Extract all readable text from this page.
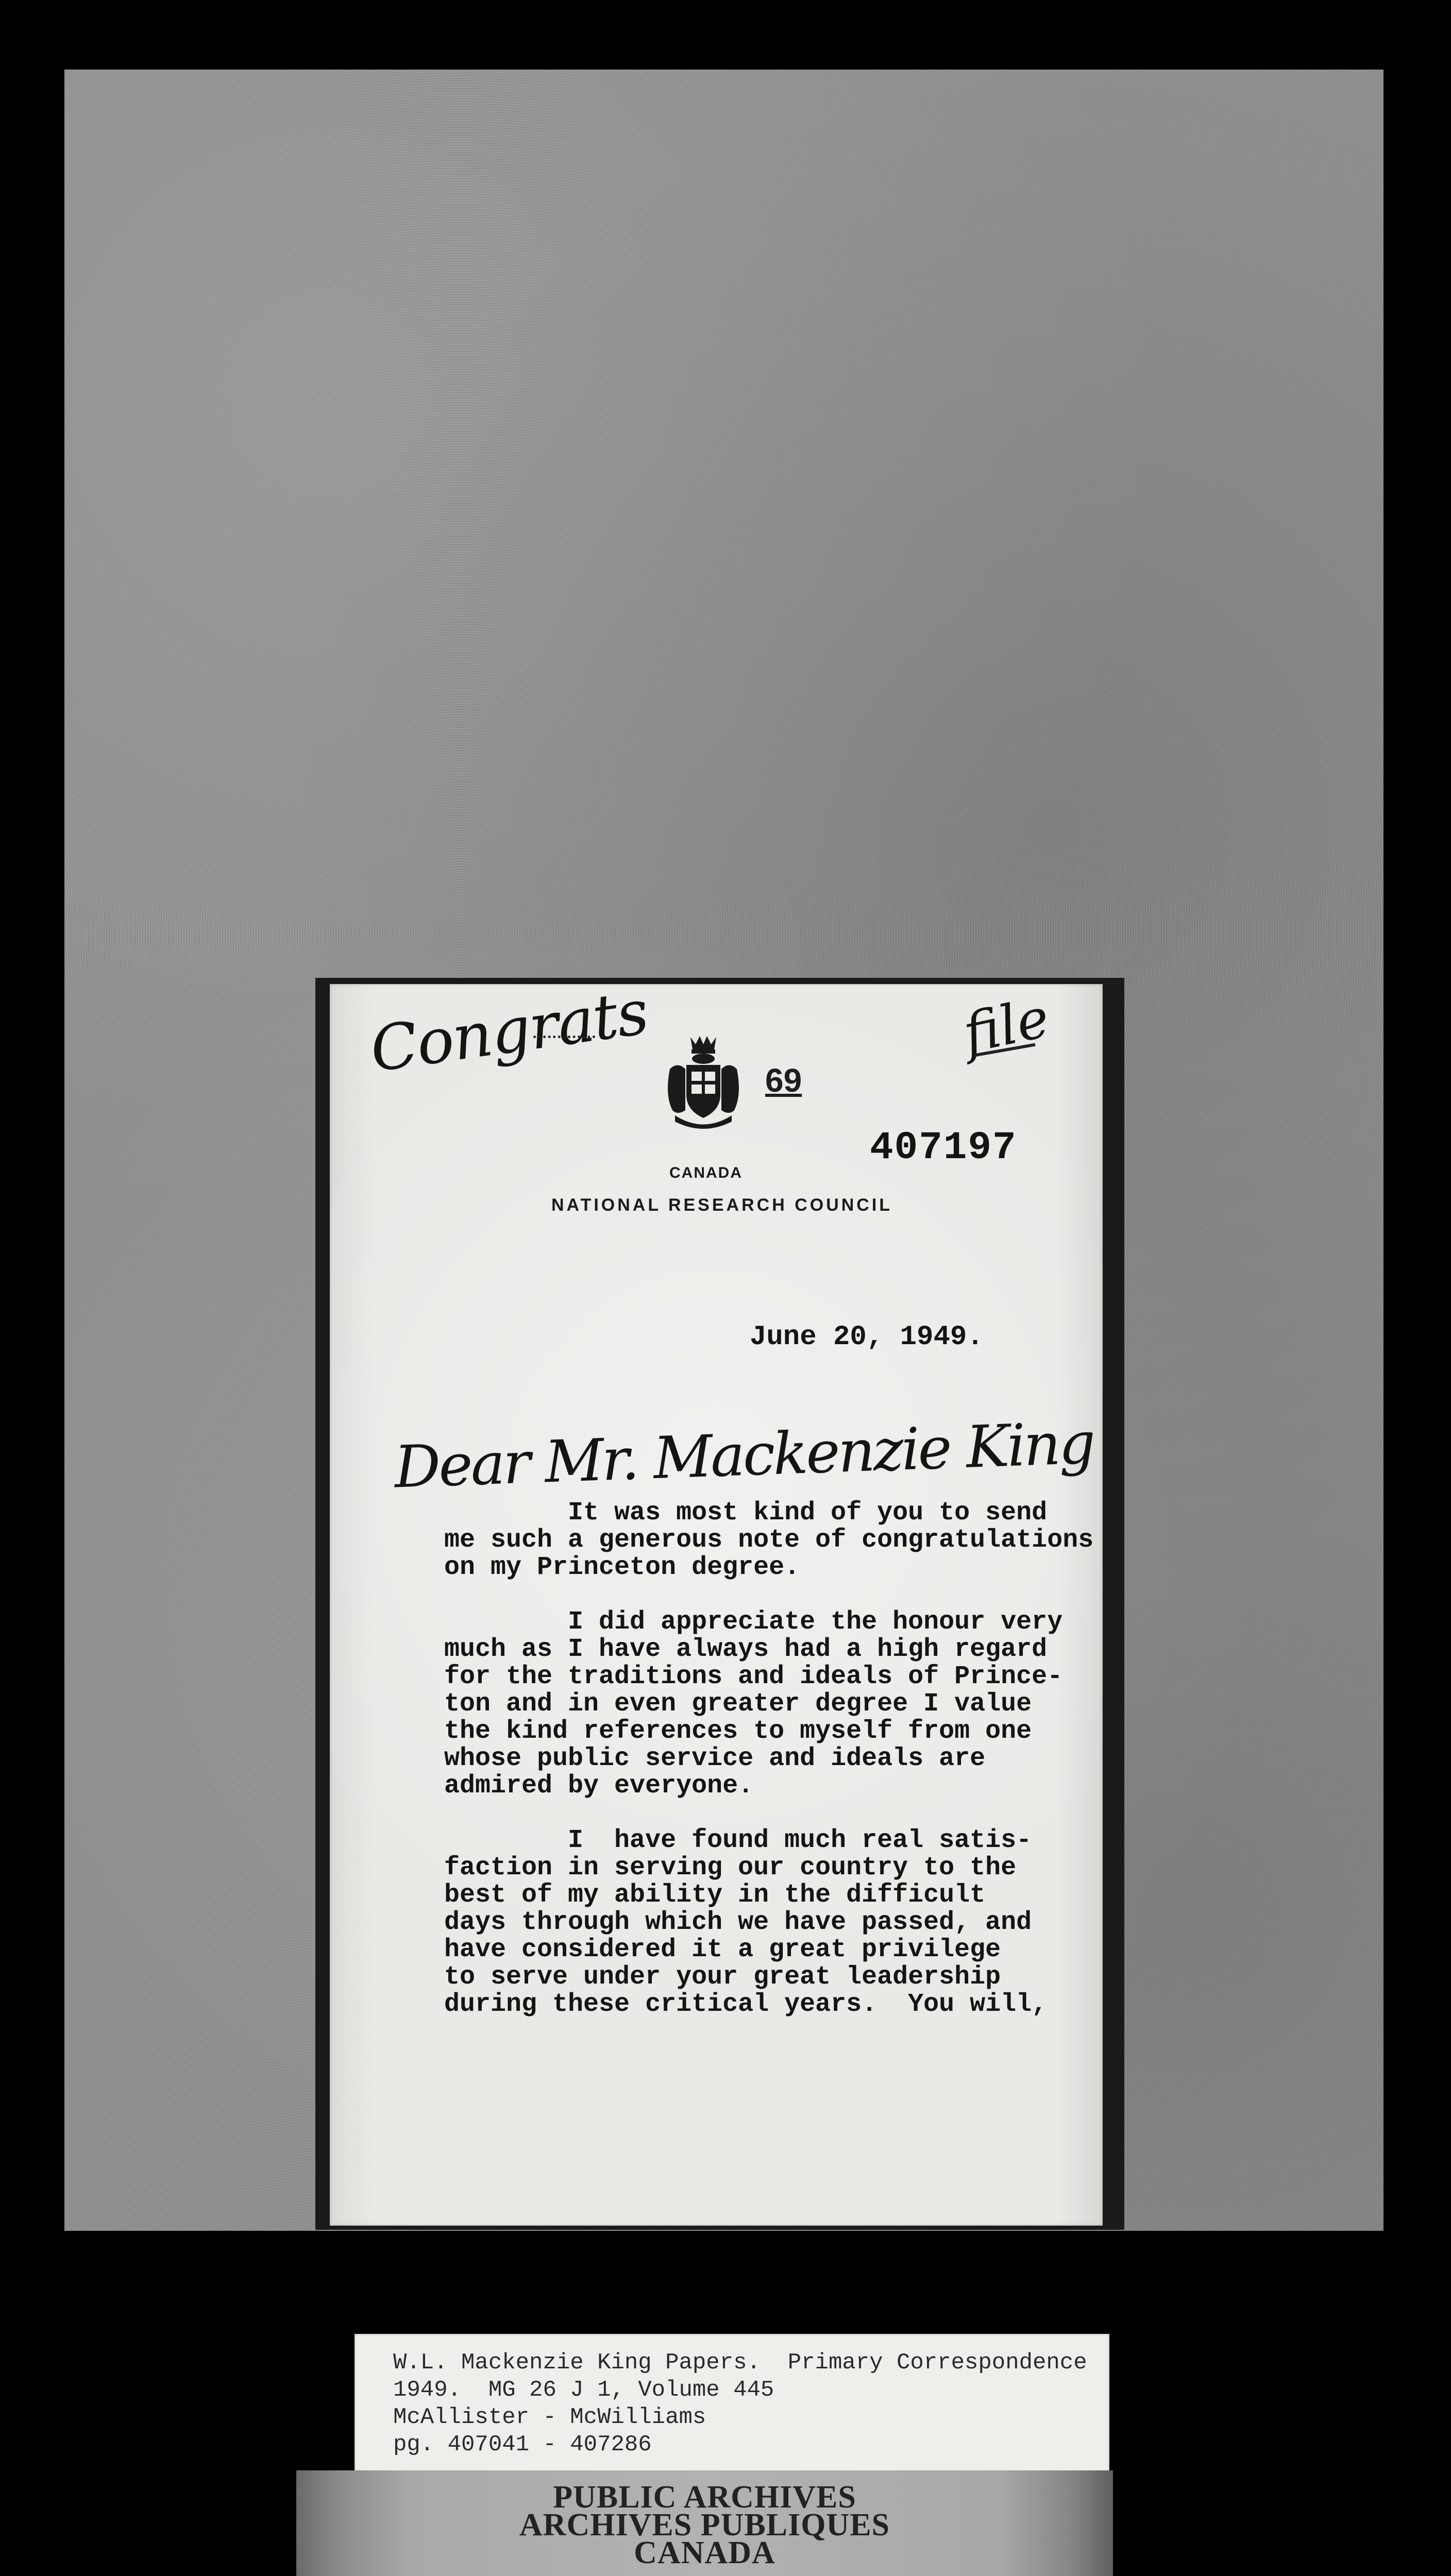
Congrats	file
69
407197
CANADA
NATIONAL RESEARCH COUNCIL
June 20, 1949.
Dear Mr. Mackenzie King
It was most kind of you to send
me such a generous note of congratulations
on my Princeton degree.
I did appreciate the honour very
much as I have always had a high regard
for the traditions and ideals of Prince-
ton and in even greater degree I value
the kind references to myself from one
whose public service and ideals are
admired by everyone.
I  have found much real satis-
faction in serving our country to the
best of my ability in the difficult
days through which we have passed, and
have considered it a great privilege
to serve under your great leadership
during these critical years.  You will,
W.L. Mackenzie King Papers.  Primary Correspondence
1949.  MG 26 J 1, Volume 445
McAllister - McWilliams
pg. 407041 - 407286
PUBLIC ARCHIVES
ARCHIVES PUBLIQUES
CANADA
